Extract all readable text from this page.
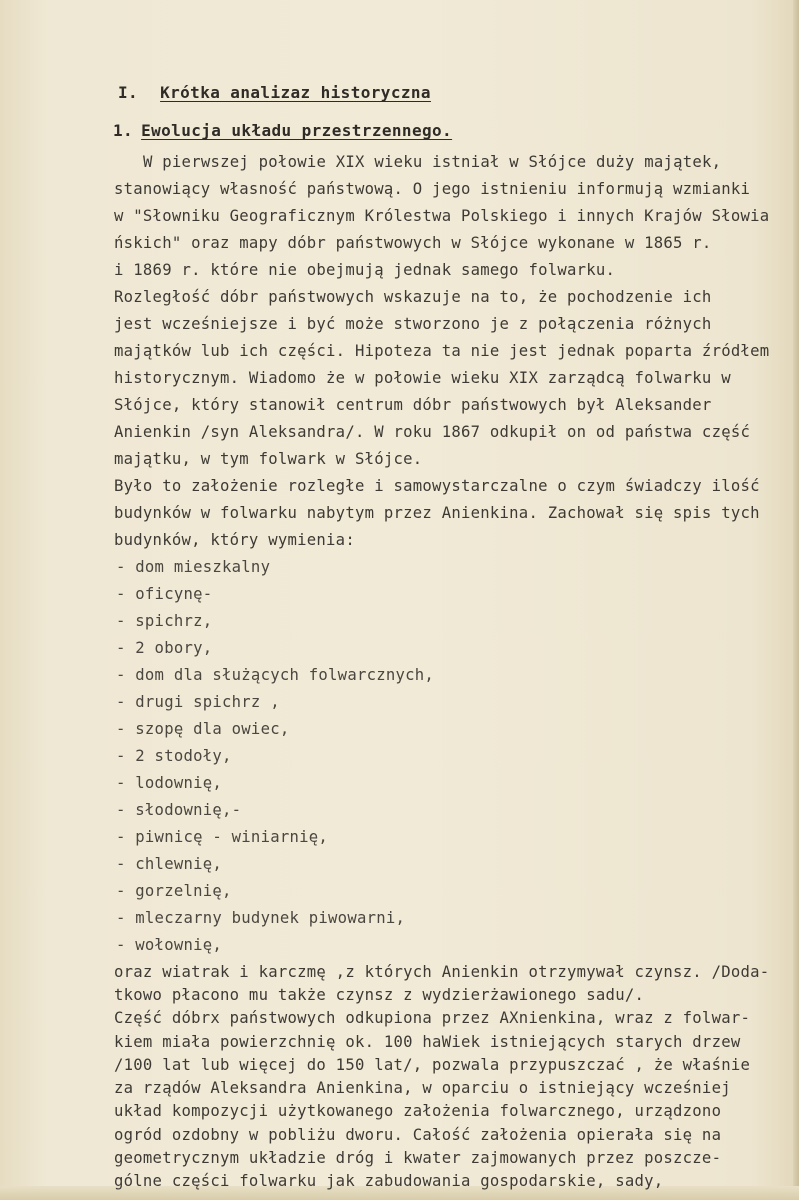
I. Krótka analizaz historyczna
1. Ewolucja układu przestrzennego.
W pierwszej połowie XIX wieku istniał w Słójce duży majątek,
stanowiący własność państwową. O jego istnieniu informują wzmianki
w "Słowniku Geograficznym Królestwa Polskiego i innych Krajów Słowia
ńskich" oraz mapy dóbr państwowych w Słójce wykonane w 1865 r.
i 1869 r. które nie obejmują jednak samego folwarku.
Rozległość dóbr państwowych wskazuje na to, że pochodzenie ich
jest wcześniejsze i być może stworzono je z połączenia różnych
majątków lub ich części. Hipoteza ta nie jest jednak poparta źródłem
historycznym. Wiadomo że w połowie wieku XIX zarządcą folwarku w
Słójce, który stanowił centrum dóbr państwowych był Aleksander
Anienkin /syn Aleksandra/. W roku 1867 odkupił on od państwa część
majątku, w tym folwark w Słójce.
Było to założenie rozległe i samowystarczalne o czym świadczy ilość
budynków w folwarku nabytym przez Anienkina. Zachował się spis tych
budynków, który wymienia:
- dom mieszkalny
- oficynę-
- spichrz,
- 2 obory,
- dom dla służących folwarcznych,
- drugi spichrz ,
- szopę dla owiec,
- 2 stodoły,
- lodownię,
- słodownię,-
- piwnicę - winiarnię,
- chlewnię,
- gorzelnię,
- mleczarny budynek piwowarni,
- wołownię,
oraz wiatrak i karczmę ,z których Anienkin otrzymywał czynsz. /Doda-
tkowo płacono mu także czynsz z wydzierżawionego sadu/.
Część dóbrx państwowych odkupiona przez AXnienkina, wraz z folwar-
kiem miała powierzchnię ok. 100 haWiek istniejących starych drzew
/100 lat lub więcej do 150 lat/, pozwala przypuszczać , że właśnie
za rządów Aleksandra Anienkina, w oparciu o istniejący wcześniej
układ kompozycji użytkowanego założenia folwarcznego, urządzono
ogród ozdobny w pobliżu dworu. Całość założenia opierała się na
geometrycznym układzie dróg i kwater zajmowanych przez poszcze-
gólne części folwarku jak zabudowania gospodarskie, sady,
